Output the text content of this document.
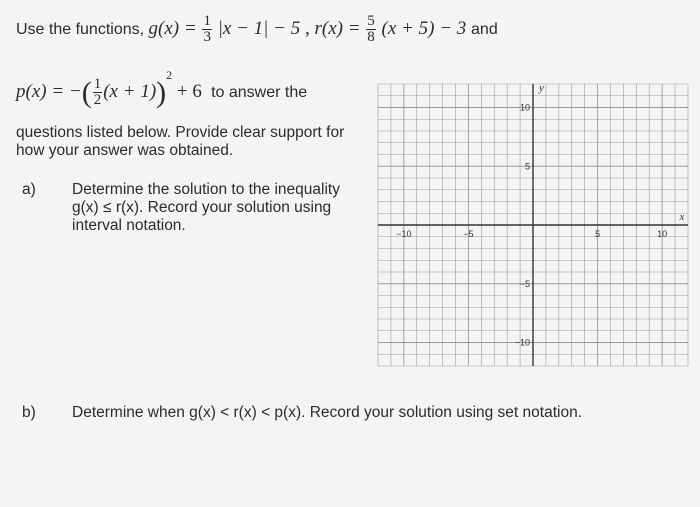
Use the functions, $g(x) = \frac{1}{3} |x - 1| - 5$ , $r(x) = \frac{5}{8} (x + 5) - 3$ and
p(x) = −( $\frac{1}{2} (x + 1))^2 + 6$ to answer the
questions listed below. Provide clear support for how your answer was obtained.
a) Determine the solution to the inequality
g(x) ≤ r(x). Record your solution using
interval notation.	−10	−5	5	10
10
5
−5
−10
x
y
b) Determine when g(x) < r(x) < p(x). Record your solution using set notation.
